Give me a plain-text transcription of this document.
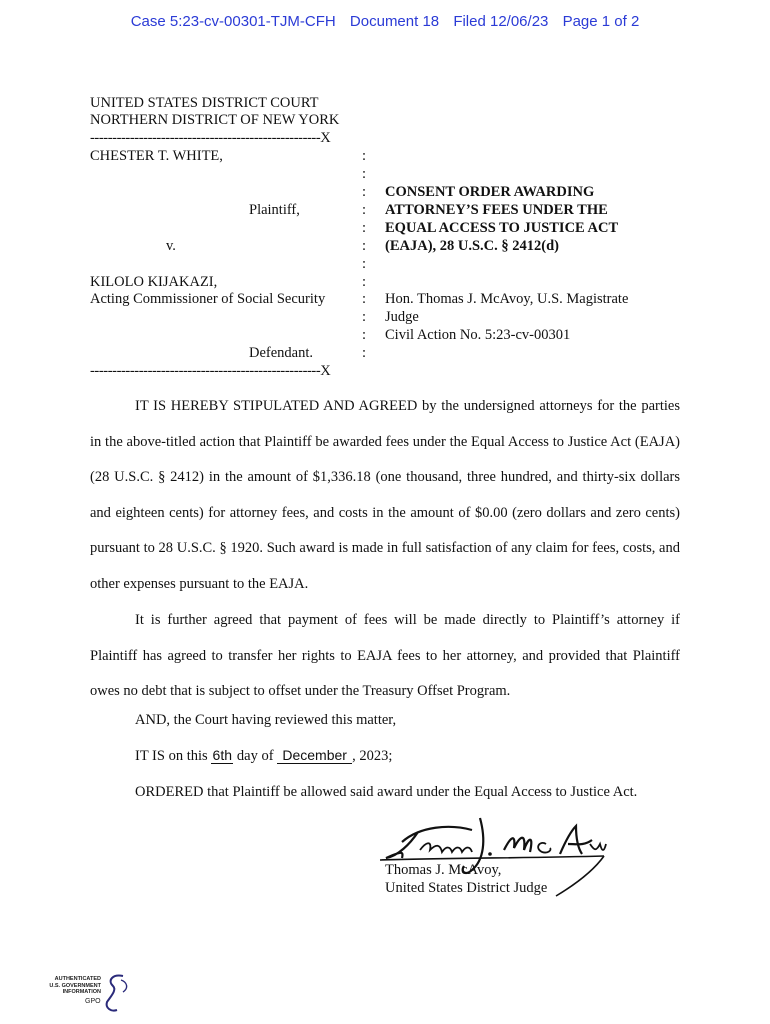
Case 5:23-cv-00301-TJM-CFH Document 18 Filed 12/06/23 Page 1 of 2
UNITED STATES DISTRICT COURT
NORTHERN DISTRICT OF NEW YORK
----------------------------------------------------X
CHESTER T. WHITE,
Plaintiff,
v.
KILOLO KIJAKAZI,
Acting Commissioner of Social Security
Defendant.
----------------------------------------------------X
:
:
:
:
:
:
:
:
:
:
:
:
CONSENT ORDER AWARDING
ATTORNEY’S FEES UNDER THE
EQUAL ACCESS TO JUSTICE ACT
(EAJA), 28 U.S.C. § 2412(d)
Hon. Thomas J. McAvoy, U.S. Magistrate
Judge
Civil Action No. 5:23-cv-00301
IT IS HEREBY STIPULATED AND AGREED by the undersigned attorneys for the parties in the above-titled action that Plaintiff be awarded fees under the Equal Access to Justice Act (EAJA) (28 U.S.C. § 2412) in the amount of $1,336.18 (one thousand, three hundred, and thirty-six dollars and eighteen cents) for attorney fees, and costs in the amount of $0.00 (zero dollars and zero cents) pursuant to 28 U.S.C. § 1920. Such award is made in full satisfaction of any claim for fees, costs, and other expenses pursuant to the EAJA.
It is further agreed that payment of fees will be made directly to Plaintiff’s attorney if Plaintiff has agreed to transfer her rights to EAJA fees to her attorney, and provided that Plaintiff owes no debt that is subject to offset under the Treasury Offset Program.
AND, the Court having reviewed this matter,
IT IS on this 6th day of December , 2023;
ORDERED that Plaintiff be allowed said award under the Equal Access to Justice Act.
Thomas J. McAvoy,
United States District Judge
AUTHENTICATED
U.S. GOVERNMENT
INFORMATION
GPO
